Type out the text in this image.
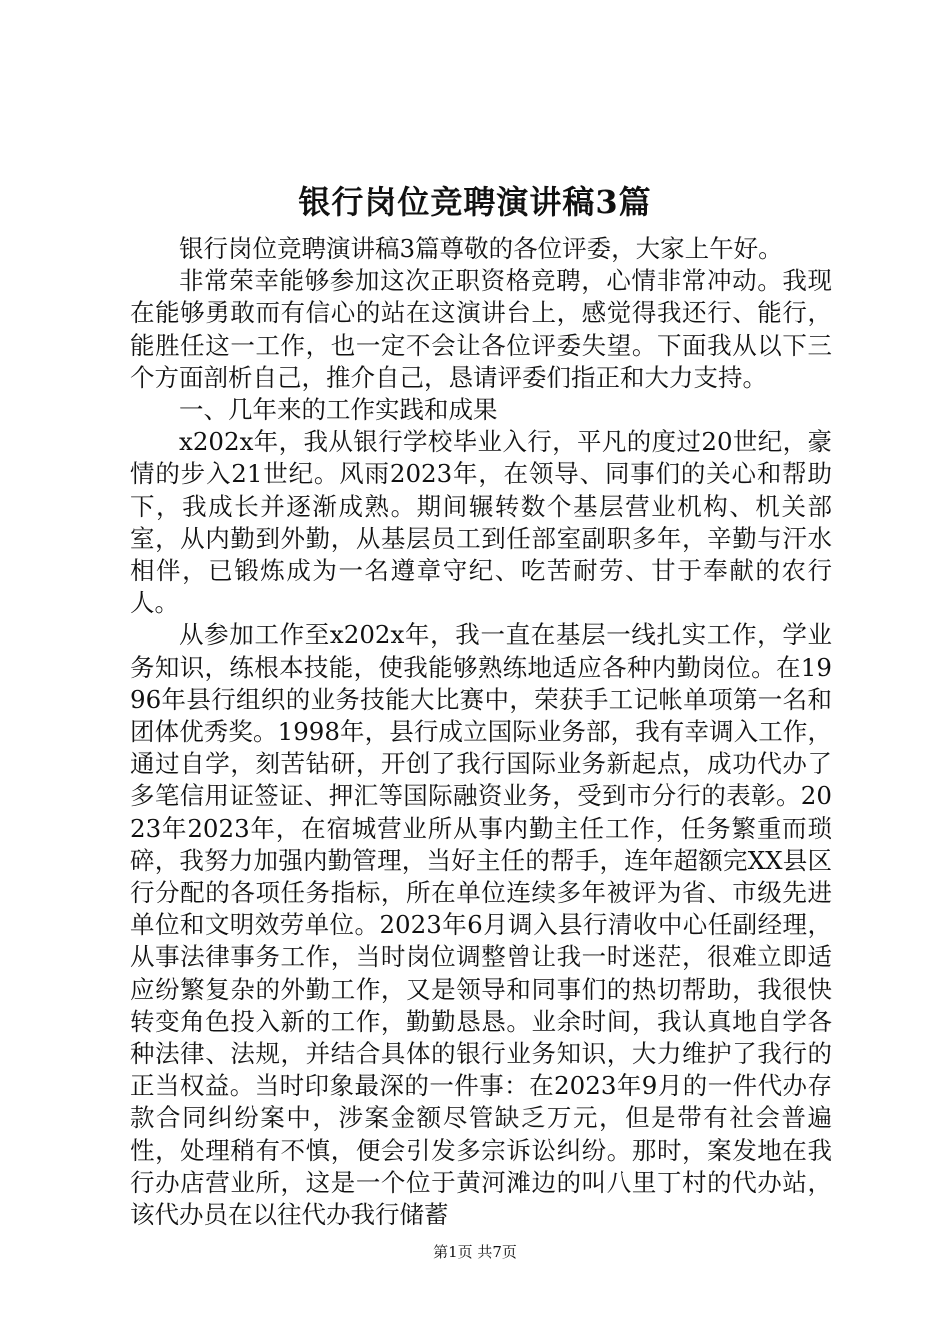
银行岗位竞聘演讲稿3篇

银行岗位竞聘演讲稿3篇尊敬的各位评委，大家上午好。

非常荣幸能够参加这次正职资格竞聘，心情非常冲动。我现在能够勇敢而有信心的站在这演讲台上，感觉得我还行、能行，能胜任这一工作，也一定不会让各位评委失望。下面我从以下三个方面剖析自己，推介自己，恳请评委们指正和大力支持。

一、几年来的工作实践和成果

x202x年，我从银行学校毕业入行，平凡的度过20世纪，豪情的步入21世纪。风雨2023年，在领导、同事们的关心和帮助下，我成长并逐渐成熟。期间辗转数个基层营业机构、机关部室，从内勤到外勤，从基层员工到任部室副职多年，辛勤与汗水相伴，已锻炼成为一名遵章守纪、吃苦耐劳、甘于奉献的农行人。

从参加工作至x202x年，我一直在基层一线扎实工作，学业务知识，练根本技能，使我能够熟练地适应各种内勤岗位。在1996年县行组织的业务技能大比赛中，荣获手工记帐单项第一名和团体优秀奖。1998年，县行成立国际业务部，我有幸调入工作，通过自学，刻苦钻研，开创了我行国际业务新起点，成功代办了多笔信用证签证、押汇等国际融资业务，受到市分行的表彰。2023年2023年，在宿城营业所从事内勤主任工作，任务繁重而琐碎，我努力加强内勤管理，当好主任的帮手，连年超额完XX县区行分配的各项任务指标，所在单位连续多年被评为省、市级先进单位和文明效劳单位。2023年6月调入县行清收中心任副经理，从事法律事务工作，当时岗位调整曾让我一时迷茫，很难立即适应纷繁复杂的外勤工作，又是领导和同事们的热切帮助，我很快转变角色投入新的工作，勤勤恳恳。业余时间，我认真地自学各种法律、法规，并结合具体的银行业务知识，大力维护了我行的正当权益。当时印象最深的一件事：在2023年9月的一件代办存款合同纠纷案中，涉案金额尽管缺乏万元，但是带有社会普遍性，处理稍有不慎，便会引发多宗诉讼纠纷。那时，案发地在我行办店营业所，这是一个位于黄河滩边的叫八里丁村的代办站，该代办员在以往代办我行储蓄

第1页 共7页
